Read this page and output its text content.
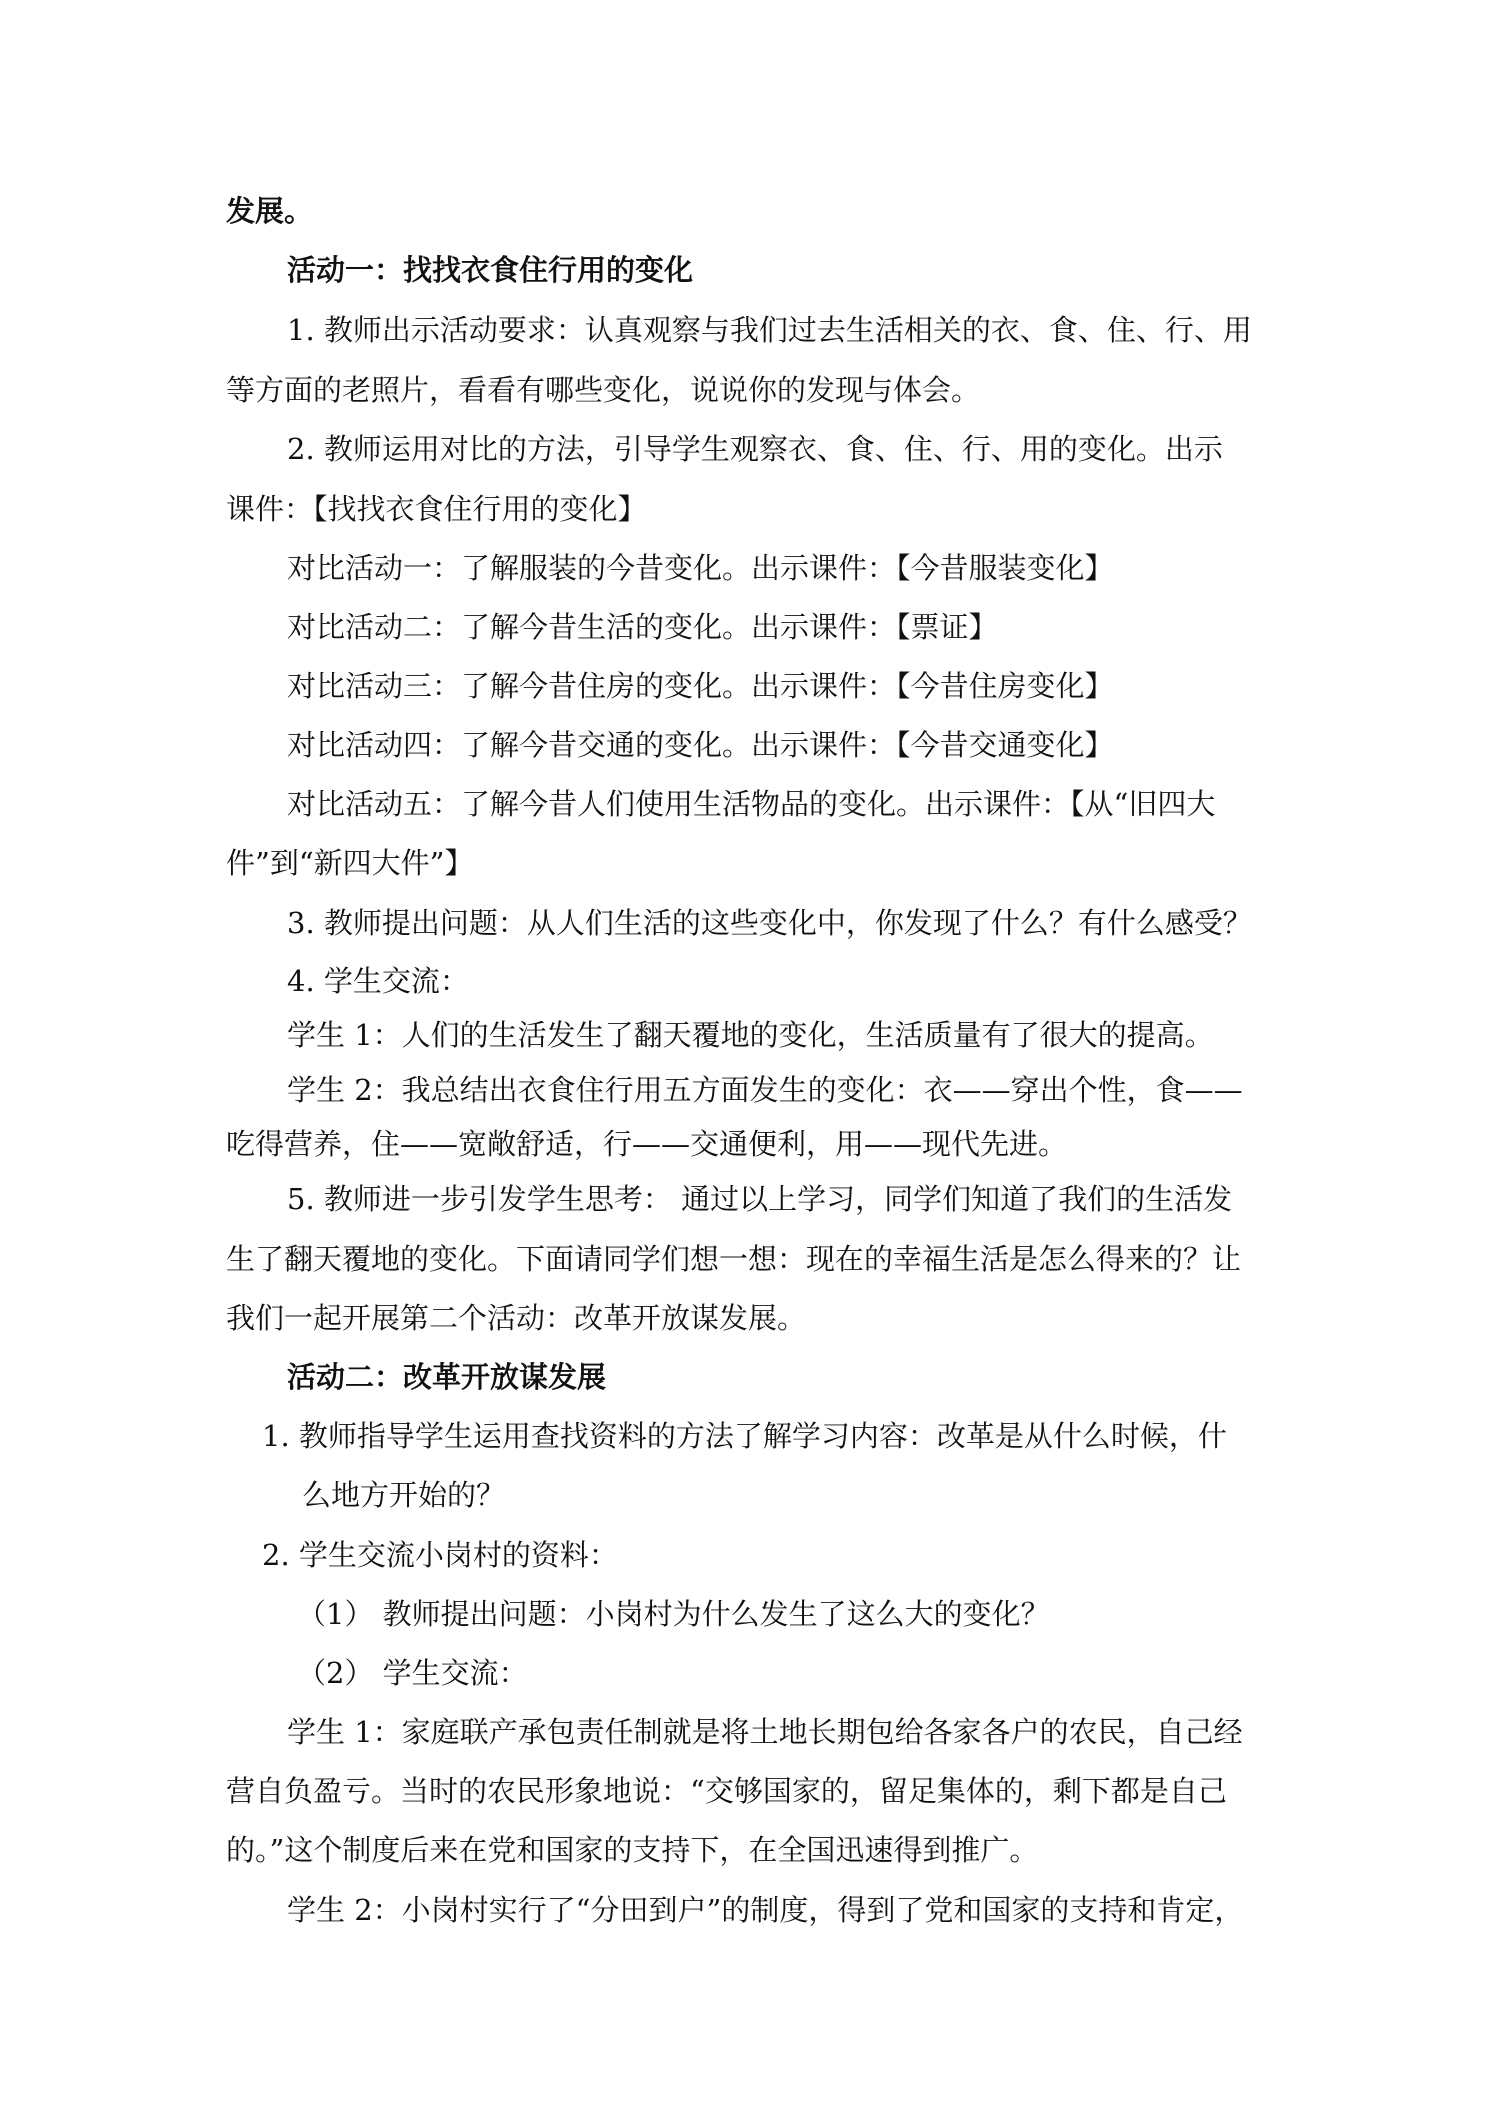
发展。
活动一：找找衣食住行用的变化
1. 教师出示活动要求：认真观察与我们过去生活相关的衣、食、住、行、用
等方面的老照片，看看有哪些变化，说说你的发现与体会。
2. 教师运用对比的方法，引导学生观察衣、食、住、行、用的变化。出示
课件：【找找衣食住行用的变化】
对比活动一：了解服装的今昔变化。出示课件：【今昔服装变化】
对比活动二：了解今昔生活的变化。出示课件：【票证】
对比活动三：了解今昔住房的变化。出示课件：【今昔住房变化】
对比活动四：了解今昔交通的变化。出示课件：【今昔交通变化】
对比活动五：了解今昔人们使用生活物品的变化。出示课件：【从“旧四大
件”到“新四大件”】
3. 教师提出问题：从人们生活的这些变化中，你发现了什么？有什么感受？
4. 学生交流：
学生 1：人们的生活发生了翻天覆地的变化，生活质量有了很大的提高。
学生 2：我总结出衣食住行用五方面发生的变化：衣——穿出个性，食——
吃得营养，住——宽敞舒适，行——交通便利，用——现代先进。
5. 教师进一步引发学生思考： 通过以上学习，同学们知道了我们的生活发
生了翻天覆地的变化。下面请同学们想一想：现在的幸福生活是怎么得来的？让
我们一起开展第二个活动：改革开放谋发展。
活动二：改革开放谋发展
1. 教师指导学生运用查找资料的方法了解学习内容：改革是从什么时候，什
么地方开始的？
2. 学生交流小岗村的资料：
（1） 教师提出问题：小岗村为什么发生了这么大的变化？
（2） 学生交流：
学生 1：家庭联产承包责任制就是将土地长期包给各家各户的农民，自己经
营自负盈亏。当时的农民形象地说：“交够国家的，留足集体的，剩下都是自己
的。”这个制度后来在党和国家的支持下，在全国迅速得到推广。
学生 2：小岗村实行了“分田到户”的制度，得到了党和国家的支持和肯定，
